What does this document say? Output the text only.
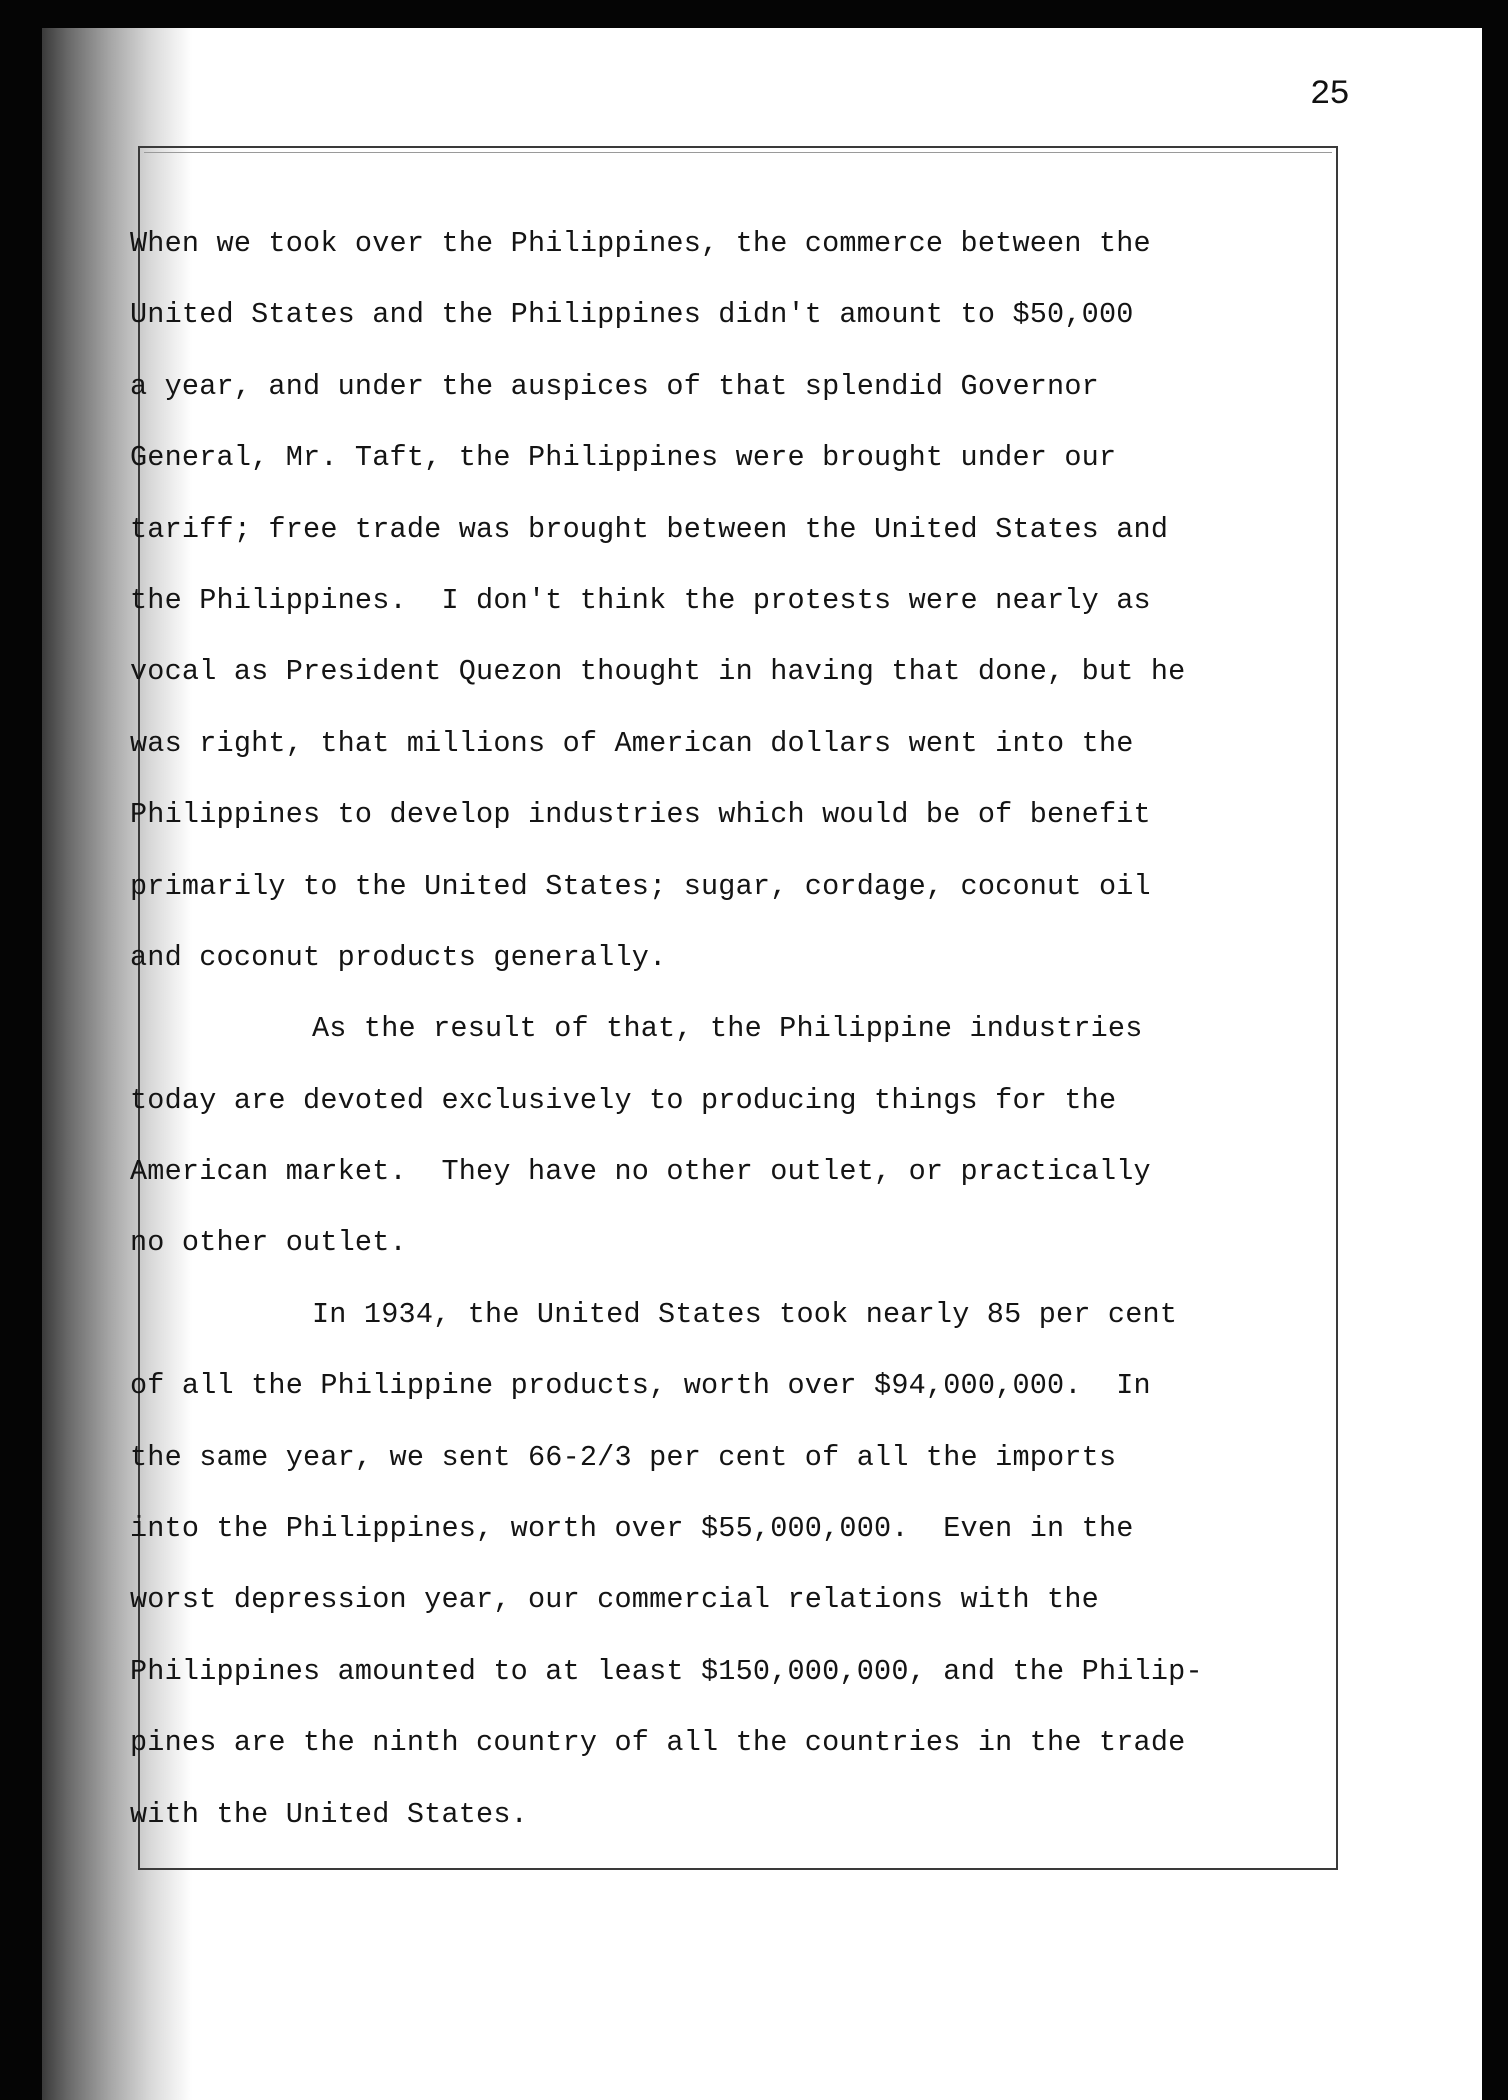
25
When we took over the Philippines, the commerce between the
United States and the Philippines didn't amount to $50,000
a year, and under the auspices of that splendid Governor
General, Mr. Taft, the Philippines were brought under our
tariff; free trade was brought between the United States and
the Philippines.  I don't think the protests were nearly as
vocal as President Quezon thought in having that done, but he
was right, that millions of American dollars went into the
Philippines to develop industries which would be of benefit
primarily to the United States; sugar, cordage, coconut oil
and coconut products generally.
As the result of that, the Philippine industries
today are devoted exclusively to producing things for the
American market.  They have no other outlet, or practically
no other outlet.
In 1934, the United States took nearly 85 per cent
of all the Philippine products, worth over $94,000,000.  In
the same year, we sent 66-2/3 per cent of all the imports
into the Philippines, worth over $55,000,000.  Even in the
worst depression year, our commercial relations with the
Philippines amounted to at least $150,000,000, and the Philip-
pines are the ninth country of all the countries in the trade
with the United States.
